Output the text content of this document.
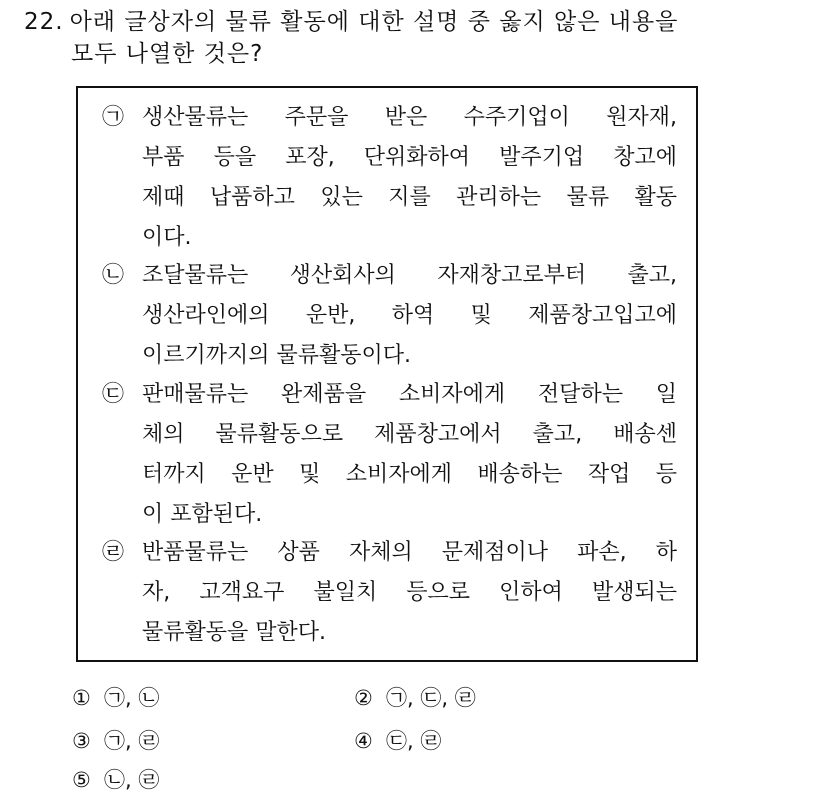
22. 아래 글상자의 물류 활동에 대한 설명 중 옳지 않은 내용을
모두 나열한 것은?
㉠ 생산물류는 주문을 받은 수주기업이 원자재,
부품 등을 포장, 단위화하여 발주기업 창고에
제때 납품하고 있는 지를 관리하는 물류 활동
이다.
㉡ 조달물류는 생산회사의 자재창고로부터 출고,
생산라인에의 운반, 하역 및 제품창고입고에
이르기까지의 물류활동이다.
㉢ 판매물류는 완제품을 소비자에게 전달하는 일
체의 물류활동으로 제품창고에서 출고, 배송센
터까지 운반 및 소비자에게 배송하는 작업 등
이 포함된다.
㉣ 반품물류는 상품 자체의 문제점이나 파손, 하
자, 고객요구 불일치 등으로 인하여 발생되는
물류활동을 말한다.
① ㉠, ㉡	② ㉠, ㉢, ㉣
③ ㉠, ㉣	④ ㉢, ㉣
⑤ ㉡, ㉣
